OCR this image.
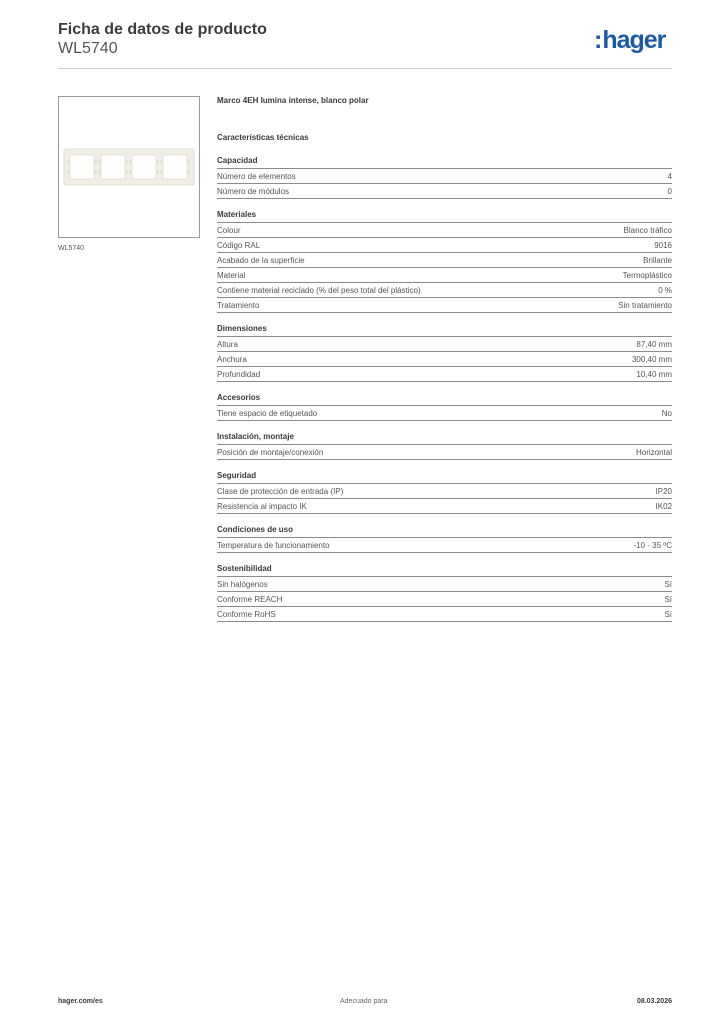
Ficha de datos de producto
WL5740	:hager
WL5740
Marco 4EH lumina intense, blanco polar
Características técnicas
Capacidad
Número de elementos	4
Número de módulos	0
Materiales
Colour	Blanco tráfico
Código RAL	9016
Acabado de la superficie	Brillante
Material	Termoplástico
Contiene material reciclado (% del peso total del plástico)	0 %
Tratamiento	Sin tratamiento
Dimensiones
Altura	87,40 mm
Anchura	300,40 mm
Profundidad	10,40 mm
Accesorios
Tiene espacio de etiquetado	No
Instalación, montaje
Posición de montaje/conexión	Horizontal
Seguridad
Clase de protección de entrada (IP)	IP20
Resistencia al impacto IK	IK02
Condiciones de uso
Temperatura de funcionamiento	-10 - 35 ºC
Sostenibilidad
Sin halógenos	Sí
Conforme REACH	Sí
Conforme RoHS	Sí
hager.com/es	Adecuado para	08.03.2026
